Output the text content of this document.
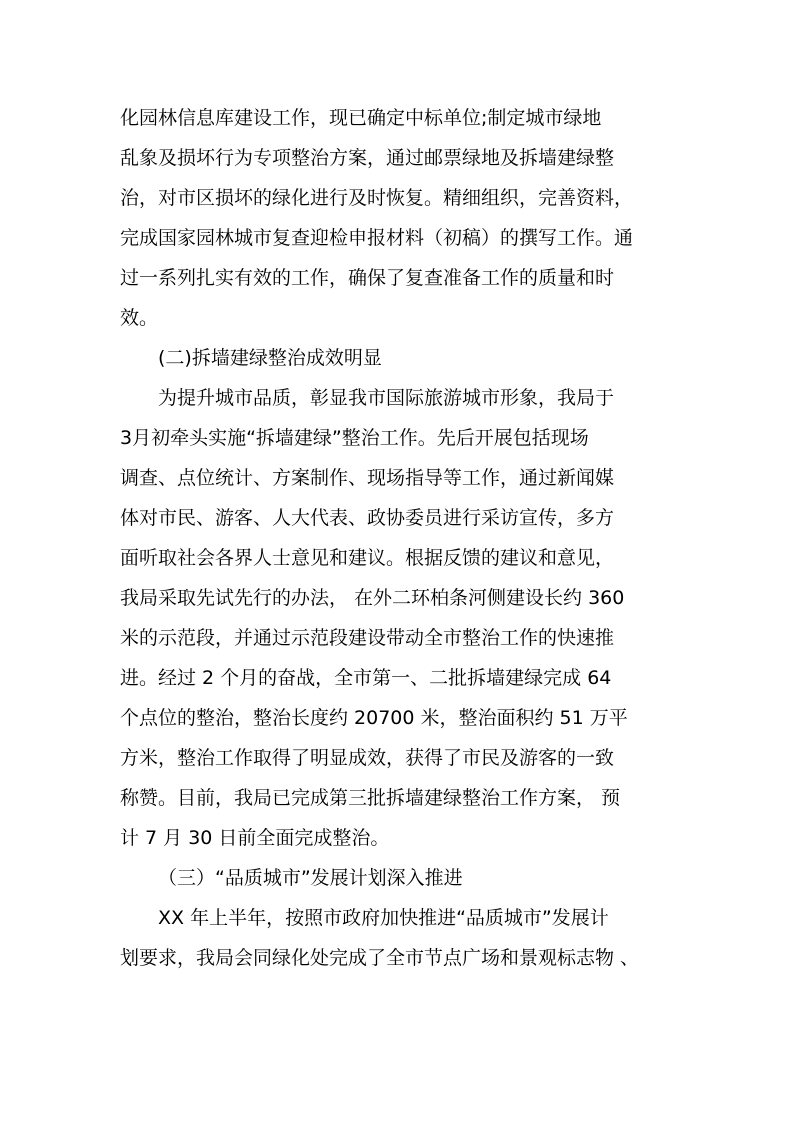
化园林信息库建设工作，现已确定中标单位;制定城市绿地
乱象及损坏行为专项整治方案，通过邮票绿地及拆墙建绿整
治，对市区损坏的绿化进行及时恢复。精细组织，完善资料，
完成国家园林城市复查迎检申报材料（初稿）的撰写工作。通
过一系列扎实有效的工作，确保了复查准备工作的质量和时
效。
(二)拆墙建绿整治成效明显
为提升城市品质，彰显我市国际旅游城市形象，我局于
3月初牵头实施“拆墙建绿”整治工作。先后开展包括现场
调查、点位统计、方案制作、现场指导等工作，通过新闻媒
体对市民、游客、人大代表、政协委员进行采访宣传，多方
面听取社会各界人士意见和建议。根据反馈的建议和意见，
我局采取先试先行的办法， 在外二环柏条河侧建设长约 360
米的示范段，并通过示范段建设带动全市整治工作的快速推
进。经过 2 个月的奋战，全市第一、二批拆墙建绿完成 64
个点位的整治，整治长度约 20700 米，整治面积约 51 万平
方米，整治工作取得了明显成效，获得了市民及游客的一致
称赞。目前，我局已完成第三批拆墙建绿整治工作方案， 预
计 7 月 30 日前全面完成整治。
（三）“品质城市”发展计划深入推进
XX 年上半年，按照市政府加快推进“品质城市”发展计
划要求，我局会同绿化处完成了全市节点广场和景观标志物 、
